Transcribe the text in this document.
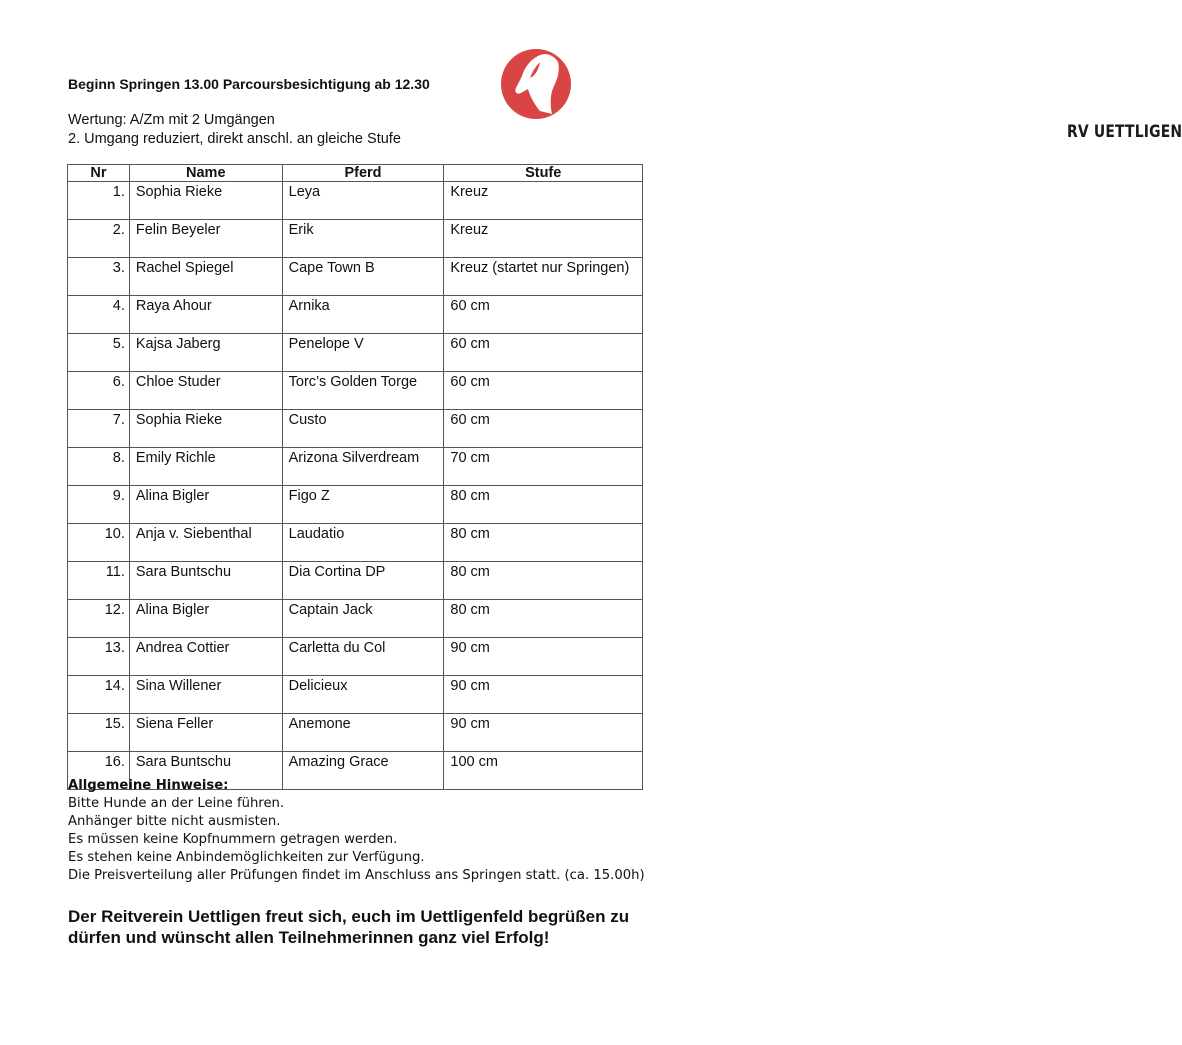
Beginn Springen 13.00 Parcoursbesichtigung ab 12.30
Wertung: A/Zm mit 2 Umgängen
2. Umgang reduziert, direkt anschl. an gleiche Stufe	RV UETTLIGEN
Nr	Name	Pferd	Stufe
1.	Sophia Rieke	Leya	Kreuz
2.	Felin Beyeler	Erik	Kreuz
3.	Rachel Spiegel	Cape Town B	Kreuz (startet nur Springen)
4.	Raya Ahour	Arnika	60 cm
5.	Kajsa Jaberg	Penelope V	60 cm
6.	Chloe Studer	Torc’s Golden Torge	60 cm
7.	Sophia Rieke	Custo	60 cm
8.	Emily Richle	Arizona Silverdream	70 cm
9.	Alina Bigler	Figo Z	80 cm
10.	Anja v. Siebenthal	Laudatio	80 cm
11.	Sara Buntschu	Dia Cortina DP	80 cm
12.	Alina Bigler	Captain Jack	80 cm
13.	Andrea Cottier	Carletta du Col	90 cm
14.	Sina Willener	Delicieux	90 cm
15.	Siena Feller	Anemone	90 cm
16.	Sara Buntschu	Amazing Grace	100 cm
Allgemeine Hinweise:
Bitte Hunde an der Leine führen.
Anhänger bitte nicht ausmisten.
Es müssen keine Kopfnummern getragen werden.
Es stehen keine Anbindemöglichkeiten zur Verfügung.
Die Preisverteilung aller Prüfungen findet im Anschluss ans Springen statt. (ca. 15.00h)
Der Reitverein Uettligen freut sich, euch im Uettligenfeld begrüßen zu dürfen und wünscht allen Teilnehmerinnen ganz viel Erfolg!
